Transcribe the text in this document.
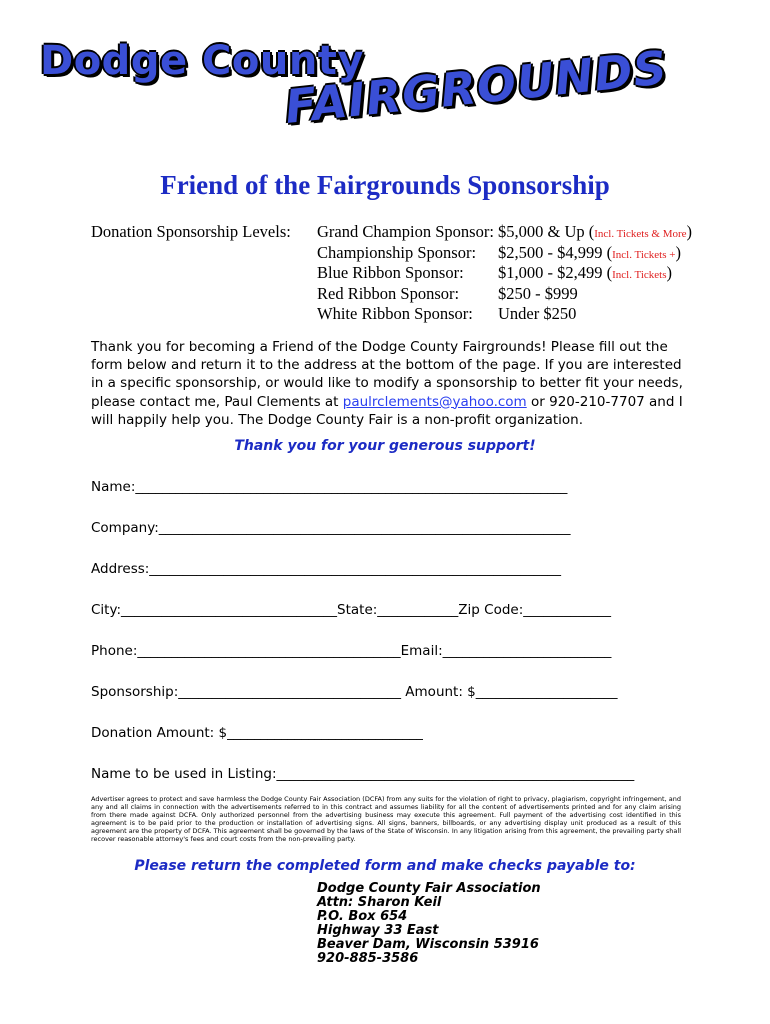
Dodge County
FAIRGROUNDS
Friend of the Fairgrounds Sponsorship
Donation Sponsorship Levels: Grand Champion Sponsor: $5,000 & Up (Incl. Tickets & More)
Championship Sponsor: $2,500 - $4,999 (Incl. Tickets +)
Blue Ribbon Sponsor: $1,000 - $2,499 (Incl. Tickets)
Red Ribbon Sponsor: $250 - $999
White Ribbon Sponsor: Under $250
Thank you for becoming a Friend of the Dodge County Fairgrounds! Please fill out the form below and return it to the address at the bottom of the page. If you are interested in a specific sponsorship, or would like to modify a sponsorship to better fit your needs, please contact me, Paul Clements at paulrclements@yahoo.com or 920-210-7707 and I will happily help you. The Dodge County Fair is a non-profit organization.
Thank you for your generous support!
Name:________________________________________________________________
Company:_____________________________________________________________
Address:_____________________________________________________________
City:________________________________State:____________Zip Code:_____________
Phone:_______________________________________Email:_________________________
Sponsorship:_________________________________ Amount: $_____________________
Donation Amount: $_____________________________
Name to be used in Listing:_____________________________________________________
Advertiser agrees to protect and save harmless the Dodge County Fair Association (DCFA) from any suits for the violation of right to privacy, plagiarism, copyright infringement, and any and all claims in connection with the advertisements referred to in this contract and assumes liability for all the content of advertisements printed and for any claim arising from there made against DCFA. Only authorized personnel from the advertising business may execute this agreement. Full payment of the advertising cost identified in this agreement is to be paid prior to the production or installation of advertising signs. All signs, banners, billboards, or any advertising display unit produced as a result of this agreement are the property of DCFA. This agreement shall be governed by the laws of the State of Wisconsin. In any litigation arising from this agreement, the prevailing party shall recover reasonable attorney's fees and court costs from the non-prevailing party.
Please return the completed form and make checks payable to:
Dodge County Fair Association
Attn: Sharon Keil
P.O. Box 654
Highway 33 East
Beaver Dam, Wisconsin 53916
920-885-3586
